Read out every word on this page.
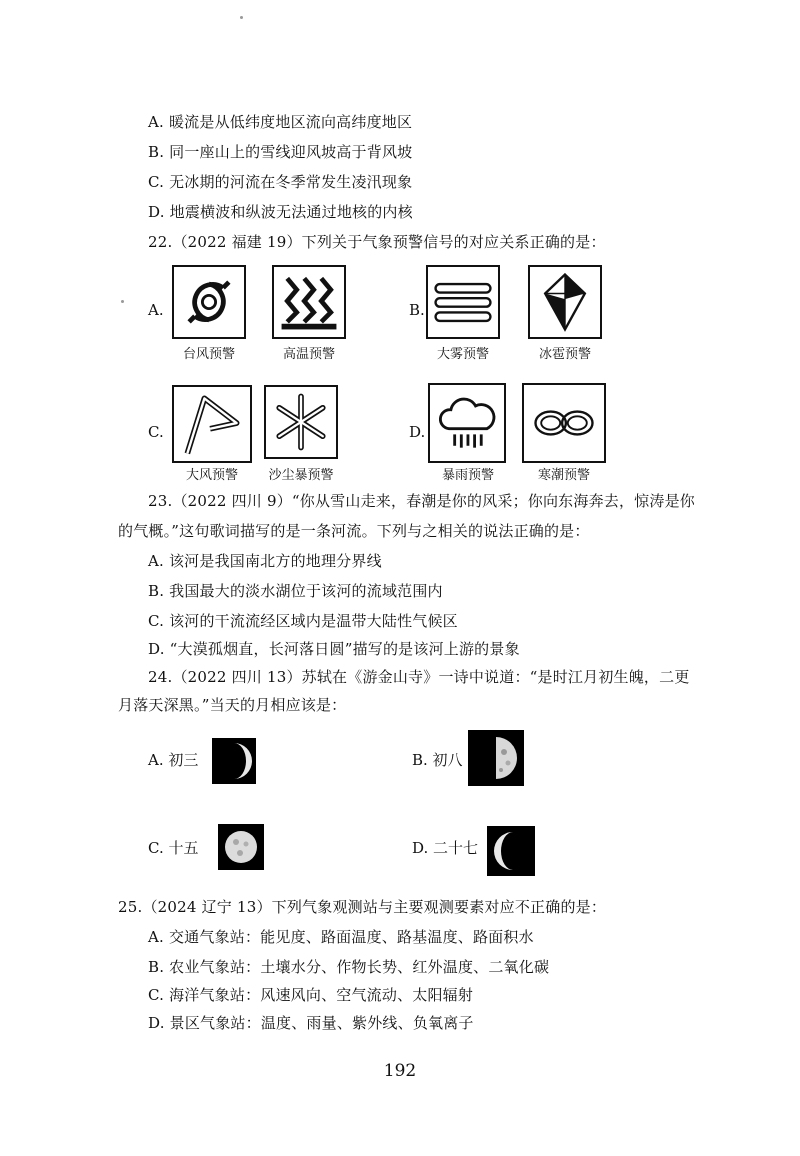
A. 暖流是从低纬度地区流向高纬度地区
B. 同一座山上的雪线迎风坡高于背风坡
C. 无冰期的河流在冬季常发生凌汛现象
D. 地震横波和纵波无法通过地核的内核
22.（2022 福建 19）下列关于气象预警信号的对应关系正确的是：
A.
台风预警	高温预警
B.
大雾预警	冰雹预警
C.
大风预警	沙尘暴预警
D.
暴雨预警	寒潮预警
23.（2022 四川 9）“你从雪山走来，春潮是你的风采；你向东海奔去，惊涛是你
的气概。”这句歌词描写的是一条河流。下列与之相关的说法正确的是：
A. 该河是我国南北方的地理分界线
B. 我国最大的淡水湖位于该河的流域范围内
C. 该河的干流流经区域内是温带大陆性气候区
D. “大漠孤烟直，长河落日圆”描写的是该河上游的景象
24.（2022 四川 13）苏轼在《游金山寺》一诗中说道：“是时江月初生魄，二更
月落天深黑。”当天的月相应该是：
A. 初三	B. 初八
C. 十五	D. 二十七
25.（2024 辽宁 13）下列气象观测站与主要观测要素对应不正确的是：
A. 交通气象站：能见度、路面温度、路基温度、路面积水
B. 农业气象站：土壤水分、作物长势、红外温度、二氧化碳
C. 海洋气象站：风速风向、空气流动、太阳辐射
D. 景区气象站：温度、雨量、紫外线、负氧离子
192
